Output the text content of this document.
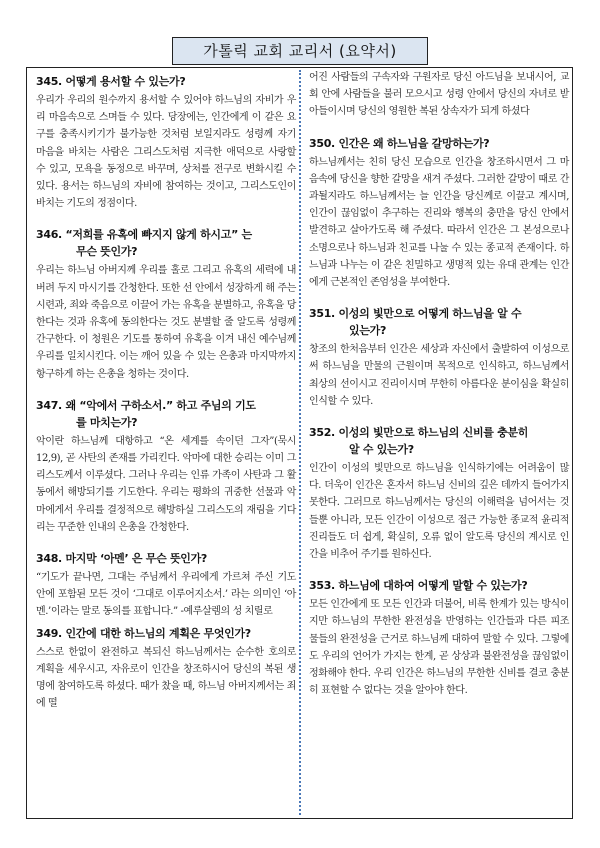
가톨릭 교회 교리서 (요약서)
345. 어떻게 용서할 수 있는가?

우리가 우리의 원수까지 용서할 수 있어야 하느님의 자비가 우리 마음속으로 스며들 수 있다. 당장에는, 인간에게 이 같은 요구를 충족시키기가 불가능한 것처럼 보일지라도 성령께 자기 마음을 바치는 사람은 그리스도처럼 지극한 애덕으로 사랑할 수 있고, 모욕을 동정으로 바꾸며, 상처를 전구로 변화시킬 수 있다. 용서는 하느님의 자비에 참여하는 것이고, 그리스도인이 바치는 기도의 정점이다.

346. “저희를 유혹에 빠지지 않게 하시고” 는
무슨 뜻인가?

우리는 하느님 아버지께 우리를 홀로 그리고 유혹의 세력에 내버려 두지 마시기를 간청한다. 또한 선 안에서 성장하게 해 주는 시련과, 죄와 죽음으로 이끌어 가는 유혹을 분별하고, 유혹을 당한다는 것과 유혹에 동의한다는 것도 분별할 줄 알도록 성령께 간구한다. 이 청원은 기도를 통하여 유혹을 이겨 내신 예수님께 우리를 일치시킨다. 이는 깨어 있을 수 있는 은총과 마지막까지 항구하게 하는 은총을 청하는 것이다.

347. 왜 “악에서 구하소서.” 하고 주님의 기도
를 마치는가?

악이란 하느님께 대항하고 “온 세계를 속이던 그자”(묵시 12,9), 곧 사탄의 존재를 가리킨다. 악마에 대한 승리는 이미 그리스도께서 이루셨다. 그러나 우리는 인류 가족이 사탄과 그 활동에서 해방되기를 기도한다. 우리는 평화의 귀중한 선물과 악마에게서 우리를 결정적으로 해방하실 그리스도의 재림을 기다리는 꾸준한 인내의 은총을 간청한다.

348. 마지막 ‘아멘’ 은 무슨 뜻인가?

“기도가 끝나면, 그대는 주님께서 우리에게 가르쳐 주신 기도 안에 포함된 모든 것이 ‘그대로 이루어지소서.’ 라는 의미인 ‘아멘.’이라는 말로 동의를 표합니다.” -예루살렘의 성 치릴로

349. 인간에 대한 하느님의 계획은 무엇인가?

스스로 한없이 완전하고 복되신 하느님께서는 순수한 호의로 계획을 세우시고, 자유로이 인간을 창조하시어 당신의 복된 생명에 참여하도록 하셨다. 때가 찼을 때, 하느님 아버지께서는 죄에 떨

어진 사람들의 구속자와 구원자로 당신 아드님을 보내시어, 교회 안에 사람들을 불러 모으시고 성령 안에서 당신의 자녀로 받아들이시며 당신의 영원한 복된 상속자가 되게 하셨다

350. 인간은 왜 하느님을 갈망하는가?

하느님께서는 친히 당신 모습으로 인간을 창조하시면서 그 마음속에 당신을 향한 갈망을 새겨 주셨다. 그러한 갈망이 때로 간과될지라도 하느님께서는 늘 인간을 당신께로 이끌고 계시며, 인간이 끊임없이 추구하는 진리와 행복의 충만을 당신 안에서 발견하고 살아가도록 해 주셨다. 따라서 인간은 그 본성으로나 소명으로나 하느님과 친교를 나눌 수 있는 종교적 존재이다. 하느님과 나누는 이 같은 친밀하고 생명적 있는 유대 관계는 인간에게 근본적인 존엄성을 부여한다.

351. 이성의 빛만으로 어떻게 하느님을 알 수
있는가?

창조의 한처음부터 인간은 세상과 자신에서 출발하여 이성으로써 하느님을 만물의 근원이며 목적으로 인식하고, 하느님께서 최상의 선이시고 진리이시며 무한히 아름다운 분이심을 확실히 인식할 수 있다.

352. 이성의 빛만으로 하느님의 신비를 충분히
알 수 있는가?

인간이 이성의 빛만으로 하느님을 인식하기에는 어려움이 많다. 더욱이 인간은 혼자서 하느님 신비의 깊은 데까지 들어가지 못한다. 그러므로 하느님께서는 당신의 이해력을 넘어서는 것들뿐 아니라, 모든 인간이 이성으로 접근 가능한 종교적 윤리적 진리들도 더 쉽게, 확실히, 오류 없이 알도록 당신의 계시로 인간을 비추어 주기를 원하신다.

353. 하느님에 대하여 어떻게 말할 수 있는가?

모든 인간에게 또 모든 인간과 더불어, 비록 한계가 있는 방식이지만 하느님의 무한한 완전성을 반영하는 인간들과 다른 피조물들의 완전성을 근거로 하느님께 대하여 말할 수 있다. 그렇에도 우리의 언어가 가지는 한계, 곧 상상과 불완전성을 끊임없이 정화해야 한다. 우리 인간은 하느님의 무한한 신비를 결코 충분히 표현할 수 없다는 것을 알아야 한다.
